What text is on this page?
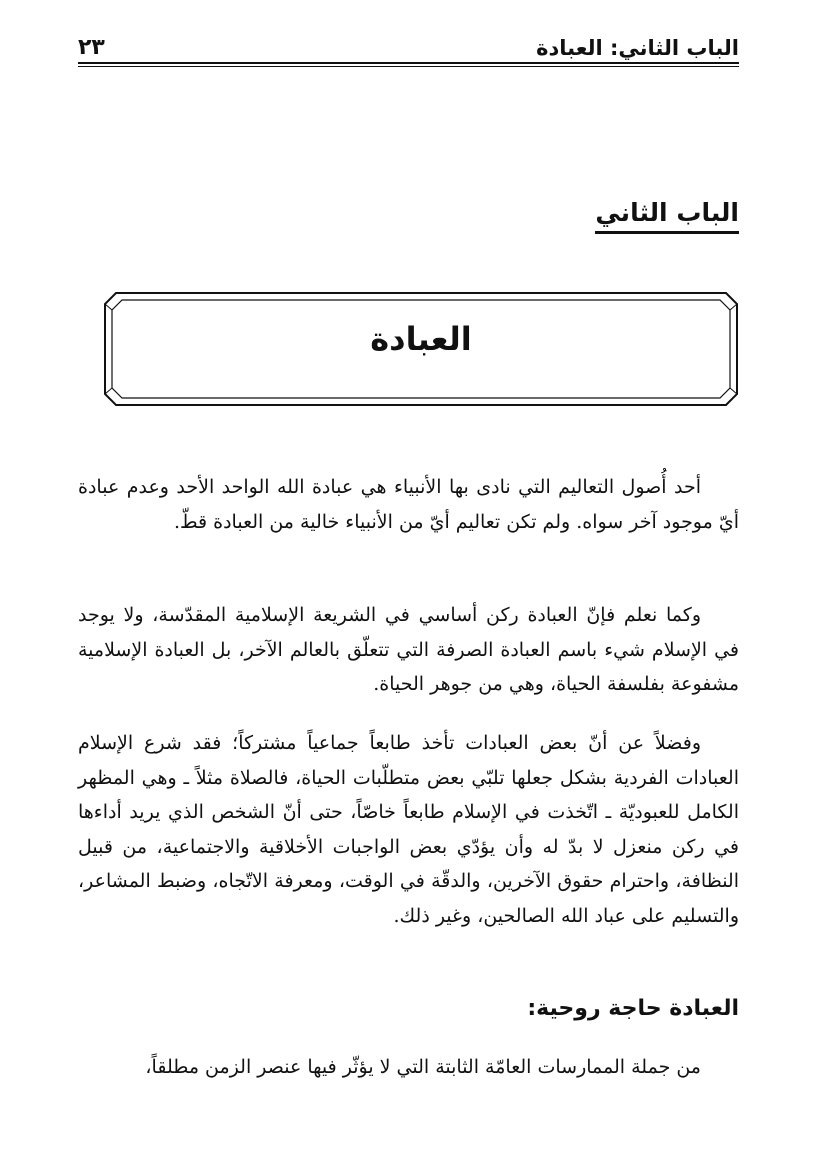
الباب الثاني: العبادة
٢٣
الباب الثاني
العبادة

أحد أُصول التعاليم التي نادى بها الأنبياء هي عبادة الله الواحد الأحد وعدم عبادة أيّ موجود آخر سواه. ولم تكن تعاليم أيّ من الأنبياء خالية من العبادة قطّ.

وكما نعلم فإنّ العبادة ركن أساسي في الشريعة الإسلامية المقدّسة، ولا يوجد في الإسلام شيء باسم العبادة الصرفة التي تتعلّق بالعالم الآخر، بل العبادة الإسلامية مشفوعة بفلسفة الحياة، وهي من جوهر الحياة.

وفضلاً عن أنّ بعض العبادات تأخذ طابعاً جماعياً مشتركاً؛ فقد شرع الإسلام العبادات الفردية بشكل جعلها تلبّي بعض متطلّبات الحياة، فالصلاة مثلاً ـ وهي المظهر الكامل للعبوديّة ـ اتّخذت في الإسلام طابعاً خاصّاً، حتى أنّ الشخص الذي يريد أداءها في ركن منعزل لا بدّ له وأن يؤدّي بعض الواجبات الأخلاقية والاجتماعية، من قبيل النظافة، واحترام حقوق الآخرين، والدقّة في الوقت، ومعرفة الاتّجاه، وضبط المشاعر، والتسليم على عباد الله الصالحين، وغير ذلك.

العبادة حاجة روحية:

من جملة الممارسات العامّة الثابتة التي لا يؤثّر فيها عنصر الزمن مطلقاً،
